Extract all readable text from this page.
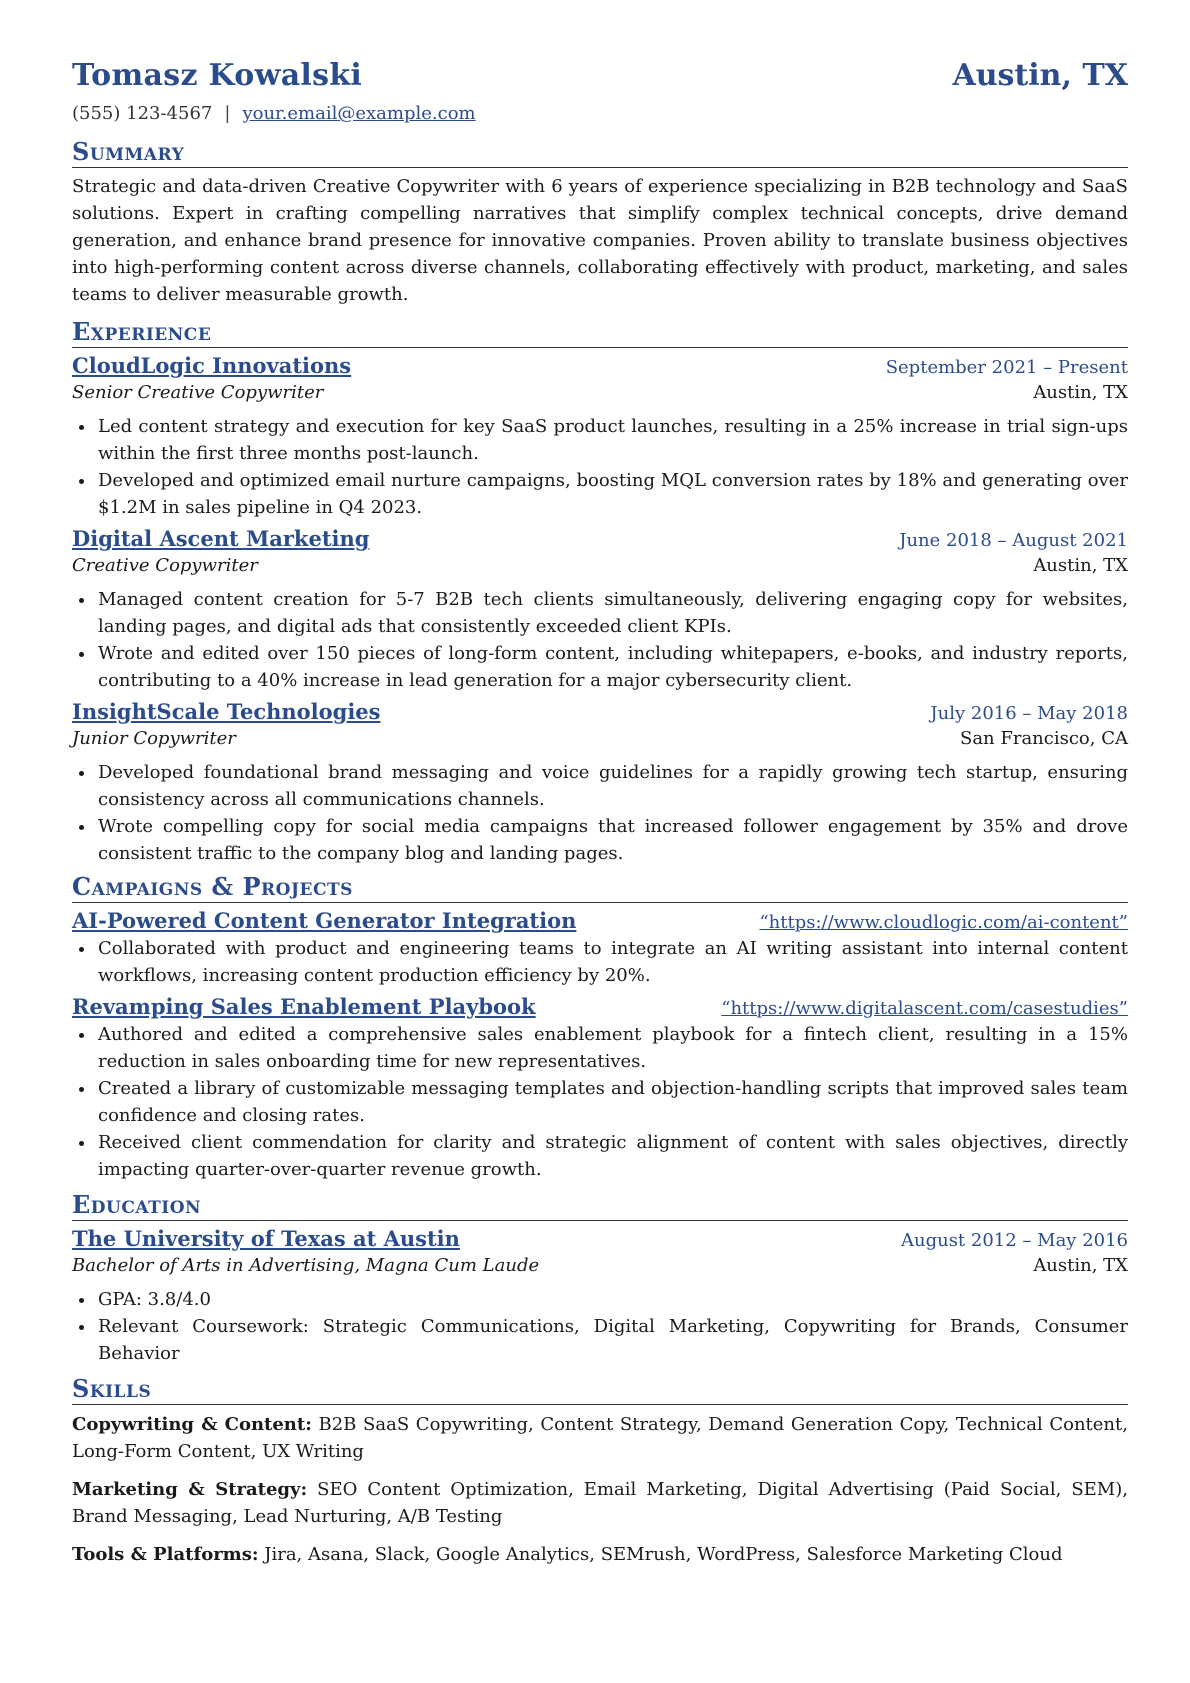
Tomasz Kowalski	Austin, TX
(555) 123-4567 | your.email@example.com
Summary
Strategic and data-driven Creative Copywriter with 6 years of experience specializing in B2B technology and SaaS solutions. Expert in crafting compelling narratives that simplify complex technical concepts, drive demand generation, and enhance brand presence for innovative companies. Proven ability to translate business objectives into high-performing content across diverse channels, collaborating effectively with product, marketing, and sales teams to deliver measurable growth.
Experience
CloudLogic Innovations	September 2021 – Present
Senior Creative Copywriter	Austin, TX
• Led content strategy and execution for key SaaS product launches, resulting in a 25% increase in trial sign-ups within the first three months post-launch.
• Developed and optimized email nurture campaigns, boosting MQL conversion rates by 18% and generating over $1.2M in sales pipeline in Q4 2023.
Digital Ascent Marketing	June 2018 – August 2021
Creative Copywriter	Austin, TX
• Managed content creation for 5-7 B2B tech clients simultaneously, delivering engaging copy for websites, landing pages, and digital ads that consistently exceeded client KPIs.
• Wrote and edited over 150 pieces of long-form content, including whitepapers, e-books, and industry reports, contributing to a 40% increase in lead generation for a major cybersecurity client.
InsightScale Technologies	July 2016 – May 2018
Junior Copywriter	San Francisco, CA
• Developed foundational brand messaging and voice guidelines for a rapidly growing tech startup, ensuring consistency across all communications channels.
• Wrote compelling copy for social media campaigns that increased follower engagement by 35% and drove consistent traffic to the company blog and landing pages.
Campaigns & Projects
AI-Powered Content Generator Integration	“https://www.cloudlogic.com/ai-content”
• Collaborated with product and engineering teams to integrate an AI writing assistant into internal content workflows, increasing content production efficiency by 20%.
Revamping Sales Enablement Playbook	“https://www.digitalascent.com/casestudies”
• Authored and edited a comprehensive sales enablement playbook for a fintech client, resulting in a 15% reduction in sales onboarding time for new representatives.
• Created a library of customizable messaging templates and objection-handling scripts that improved sales team confidence and closing rates.
• Received client commendation for clarity and strategic alignment of content with sales objectives, directly impacting quarter-over-quarter revenue growth.
Education
The University of Texas at Austin	August 2012 – May 2016
Bachelor of Arts in Advertising, Magna Cum Laude	Austin, TX
• GPA: 3.8/4.0
• Relevant Coursework: Strategic Communications, Digital Marketing, Copywriting for Brands, Consumer Behavior
Skills
Copywriting & Content: B2B SaaS Copywriting, Content Strategy, Demand Generation Copy, Technical Content, Long-Form Content, UX Writing
Marketing & Strategy: SEO Content Optimization, Email Marketing, Digital Advertising (Paid Social, SEM), Brand Messaging, Lead Nurturing, A/B Testing
Tools & Platforms: Jira, Asana, Slack, Google Analytics, SEMrush, WordPress, Salesforce Marketing Cloud
